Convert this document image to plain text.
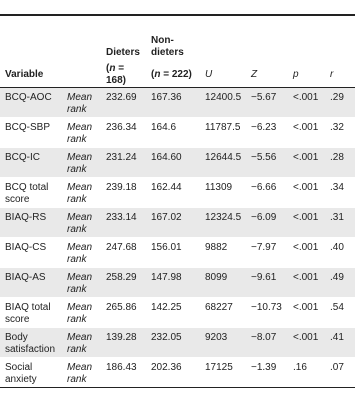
		Dieters	Non-
dieters				
Variable		(n = 168)	(n = 222)	U	Z	p	r
BCQ-AOC	Mean rank	232.69	167.36	12400.5	−5.67	<.001	.29
BCQ-SBP	Mean rank	236.34	164.6	11787.5	−6.23	<.001	.32
BCQ-IC	Mean rank	231.24	164.60	12644.5	−5.56	<.001	.28
BCQ total score	Mean rank	239.18	162.44	11309	−6.66	<.001	.34
BIAQ-RS	Mean rank	233.14	167.02	12324.5	−6.09	<.001	.31
BIAQ-CS	Mean rank	247.68	156.01	9882	−7.97	<.001	.40
BIAQ-AS	Mean rank	258.29	147.98	8099	−9.61	<.001	.49
BIAQ total score	Mean rank	265.86	142.25	68227	−10.73	<.001	.54
Body satisfaction	Mean rank	139.28	232.05	9203	−8.07	<.001	.41
Social anxiety	Mean rank	186.43	202.36	17125	−1.39	.16	.07
